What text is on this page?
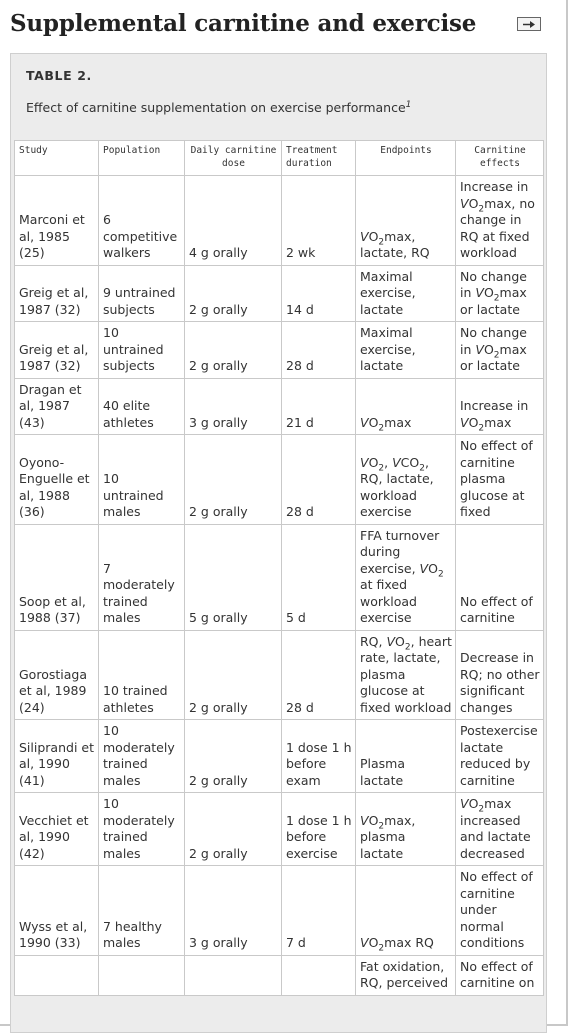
Supplemental carnitine and exercise
TABLE 2.
Effect of carnitine supplementation on exercise performance$^1$
Study	Population	Daily carnitine dose	Treatment duration	Endpoints	Carnitine effects
Marconi et al, 1985 (25)	6 competitive walkers	4 g orally	2 wk	$VO_2\max$, lactate, RQ	Increase in $VO_2\max$, no change in RQ at fixed workload
Greig et al, 1987 (32)	9 untrained subjects	2 g orally	14 d	Maximal exercise, lactate	No change in $VO_2\max$ or lactate
Greig et al, 1987 (32)	10 untrained subjects	2 g orally	28 d	Maximal exercise, lactate	No change in $VO_2\max$ or lactate
Dragan et al, 1987 (43)	40 elite athletes	3 g orally	21 d	$VO_2\max$	Increase in $VO_2\max$
Oyono-Enguelle et al, 1988 (36)	10 untrained males	2 g orally	28 d	$VO_2$, $VCO_2$, RQ, lactate, workload exercise	No effect of carnitine plasma glucose at fixed
Soop et al, 1988 (37)	7 moderately trained males	5 g orally	5 d	FFA turnover during exercise, $VO_2$ at fixed workload exercise	No effect of carnitine
Gorostiaga et al, 1989 (24)	10 trained athletes	2 g orally	28 d	RQ, $VO_2$, heart rate, lactate, plasma glucose at fixed workload	Decrease in RQ; no other significant changes
Siliprandi et al, 1990 (41)	10 moderately trained males	2 g orally	1 dose 1 h before exam	Plasma lactate	Postexercise lactate reduced by carnitine
Vecchiet et al, 1990 (42)	10 moderately trained males	2 g orally	1 dose 1 h before exercise	$VO_2\max$, plasma lactate	$VO_2\max$ increased and lactate decreased
Wyss et al, 1990 (33)	7 healthy males	3 g orally	7 d	$VO_2\max$ RQ	No effect of carnitine under normal conditions
				Fat oxidation, RQ, perceived	No effect of carnitine on
